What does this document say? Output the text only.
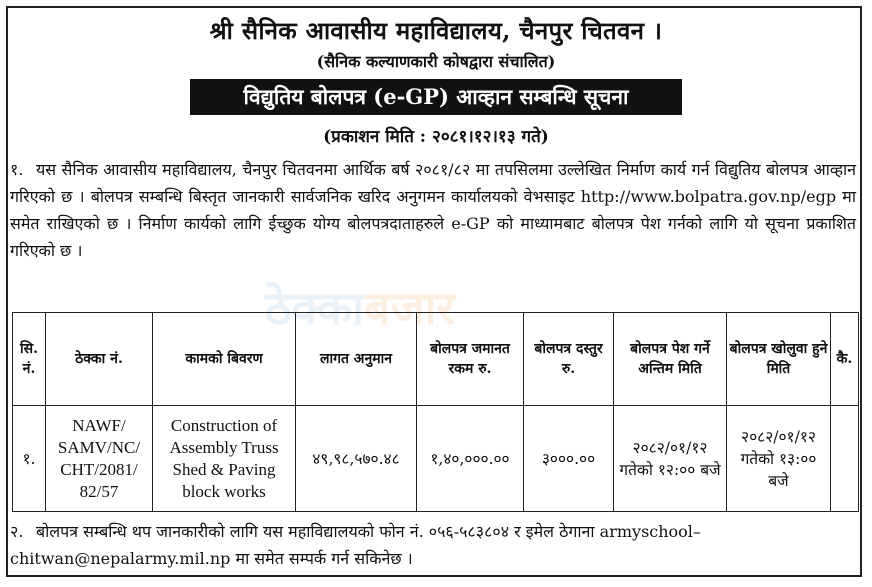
श्री सैनिक आवासीय महाविद्यालय, चैनपुर चितवन ।
(सैनिक कल्याणकारी कोषद्वारा संचालित)
विद्युतिय बोलपत्र (e-GP) आव्हान सम्बन्धि सूचना
(प्रकाशन मिति : २०८१।१२।१३ गते)
१. यस सैनिक आवासीय महाविद्यालय, चैनपुर चितवनमा आर्थिक बर्ष २०८१/८२ मा तपसिलमा उल्लेखित निर्माण कार्य गर्न विद्युतिय बोलपत्र आव्हान गरिएको छ । बोलपत्र सम्बन्धि बिस्तृत जानकारी सार्वजनिक खरिद अनुगमन कार्यालयको वेभसाइट http://www.bolpatra.gov.np/egp मा समेत राखिएको छ । निर्माण कार्यको लागि ईच्छुक योग्य बोलपत्रदाताहरुले e-GP को माध्यामबाट बोलपत्र पेश गर्नको लागि यो सूचना प्रकाशित गरिएको छ ।
ठेक्काबजार
सि. नं.	ठेक्का नं.	कामको बिवरण	लागत अनुमान	बोलपत्र जमानत रकम रु.	बोलपत्र दस्तुर रु.	बोलपत्र पेश गर्ने अन्तिम मिति	बोलपत्र खोलुवा हुने मिति	कै.
१.	NAWF/ SAMV/NC/ CHT/2081/ 82/57	Construction of Assembly Truss Shed & Paving block works	४९,९८,५७०.४८	१,४०,०००.००	३०००.००	२०८२/०१/१२ गतेको १२:०० बजे	२०८२/०१/१२ गतेको १३:०० बजे	
२. बोलपत्र सम्बन्धि थप जानकारीको लागि यस महाविद्यालयको फोन नं. ०५६-५८३८०४ र इमेल ठेगाना armyschool–chitwan@nepalarmy.mil.np मा समेत सम्पर्क गर्न सकिनेछ ।
